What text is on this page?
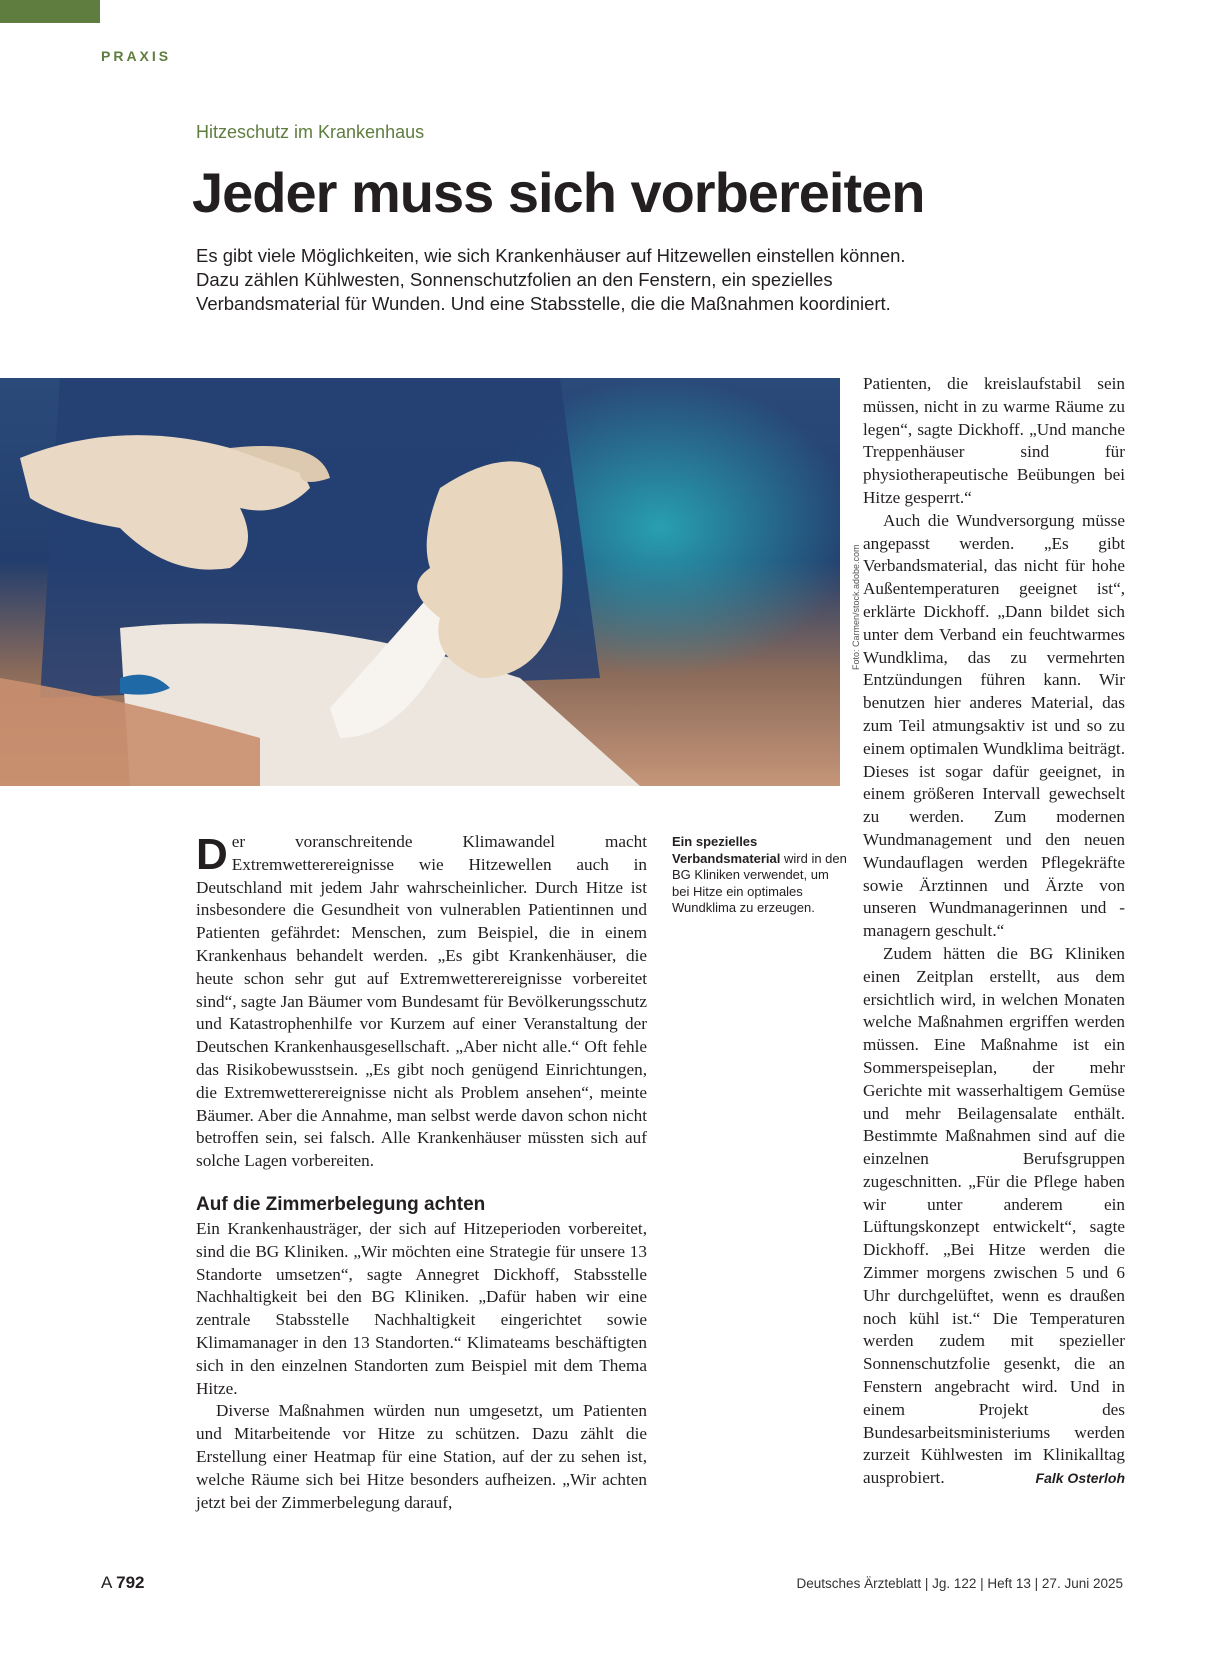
PRAXIS
Hitzeschutz im Krankenhaus
Jeder muss sich vorbereiten
Es gibt viele Möglichkeiten, wie sich Krankenhäuser auf Hitzewellen einstellen können.
Dazu zählen Kühlwesten, Sonnenschutzfolien an den Fenstern, ein spezielles
Verbandsmaterial für Wunden. Und eine Stabsstelle, die die Maßnahmen koordiniert.
Foto: Carmen/stock.adobe.com
Ein spezielles Verbandsmaterial wird in den BG Kliniken verwendet, um bei Hitze ein optimales Wundklima zu erzeugen.

Der voranschreitende Klimawandel macht Extremwetterereignisse wie Hitzewellen auch in Deutschland mit jedem Jahr wahrscheinlicher. Durch Hitze ist insbesondere die Gesundheit von vulnerablen Patientinnen und Patienten gefährdet: Menschen, zum Beispiel, die in einem Krankenhaus behandelt werden. „Es gibt Krankenhäuser, die heute schon sehr gut auf Extremwetterereignisse vorbereitet sind“, sagte Jan Bäumer vom Bundesamt für Bevölkerungsschutz und Katastrophenhilfe vor Kurzem auf einer Veranstaltung der Deutschen Krankenhausgesellschaft. „Aber nicht alle.“ Oft fehle das Risikobewusstsein. „Es gibt noch genügend Einrichtungen, die Extremwetterereignisse nicht als Problem ansehen“, meinte Bäumer. Aber die Annahme, man selbst werde davon schon nicht betroffen sein, sei falsch. Alle Krankenhäuser müssten sich auf solche Lagen vorbereiten.

Auf die Zimmerbelegung achten

Ein Krankenhausträger, der sich auf Hitzeperioden vorbereitet, sind die BG Kliniken. „Wir möchten eine Strategie für unsere 13 Standorte umsetzen“, sagte Annegret Dickhoff, Stabsstelle Nachhaltigkeit bei den BG Kliniken. „Dafür haben wir eine zentrale Stabsstelle Nachhaltigkeit eingerichtet sowie Klimamanager in den 13 Standorten.“ Klimateams beschäftigten sich in den einzelnen Standorten zum Beispiel mit dem Thema Hitze.

Diverse Maßnahmen würden nun umgesetzt, um Patienten und Mitarbeitende vor Hitze zu schützen. Dazu zählt die Erstellung einer Heatmap für eine Station, auf der zu sehen ist, welche Räume sich bei Hitze besonders aufheizen. „Wir achten jetzt bei der Zimmerbelegung darauf,

Patienten, die kreislaufstabil sein müssen, nicht in zu warme Räume zu legen“, sagte Dickhoff. „Und manche Treppenhäuser sind für physiotherapeutische Beübungen bei Hitze gesperrt.“

Auch die Wundversorgung müsse angepasst werden. „Es gibt Verbandsmaterial, das nicht für hohe Außentemperaturen geeignet ist“, erklärte Dickhoff. „Dann bildet sich unter dem Verband ein feuchtwarmes Wundklima, das zu vermehrten Entzündungen führen kann. Wir benutzen hier anderes Material, das zum Teil atmungsaktiv ist und so zu einem optimalen Wundklima beiträgt. Dieses ist sogar dafür geeignet, in einem größeren Intervall gewechselt zu werden. Zum modernen Wundmanagement und den neuen Wundauflagen werden Pflegekräfte sowie Ärztinnen und Ärzte von unseren Wundmanagerinnen und -managern geschult.“

Zudem hätten die BG Kliniken einen Zeitplan erstellt, aus dem ersichtlich wird, in welchen Monaten welche Maßnahmen ergriffen werden müssen. Eine Maßnahme ist ein Sommerspeiseplan, der mehr Gerichte mit wasserhaltigem Gemüse und mehr Beilagensalate enthält. Bestimmte Maßnahmen sind auf die einzelnen Berufsgruppen zugeschnitten. „Für die Pflege haben wir unter anderem ein Lüftungskonzept entwickelt“, sagte Dickhoff. „Bei Hitze werden die Zimmer morgens zwischen 5 und 6 Uhr durchgelüftet, wenn es draußen noch kühl ist.“ Die Temperaturen werden zudem mit spezieller Sonnenschutzfolie gesenkt, die an Fenstern angebracht wird. Und in einem Projekt des Bundesarbeitsministeriums werden zurzeit Kühlwesten im Klinikalltag ausprobiert.	Falk Osterloh

A 792	Deutsches Ärzteblatt | Jg. 122 | Heft 13 | 27. Juni 2025
